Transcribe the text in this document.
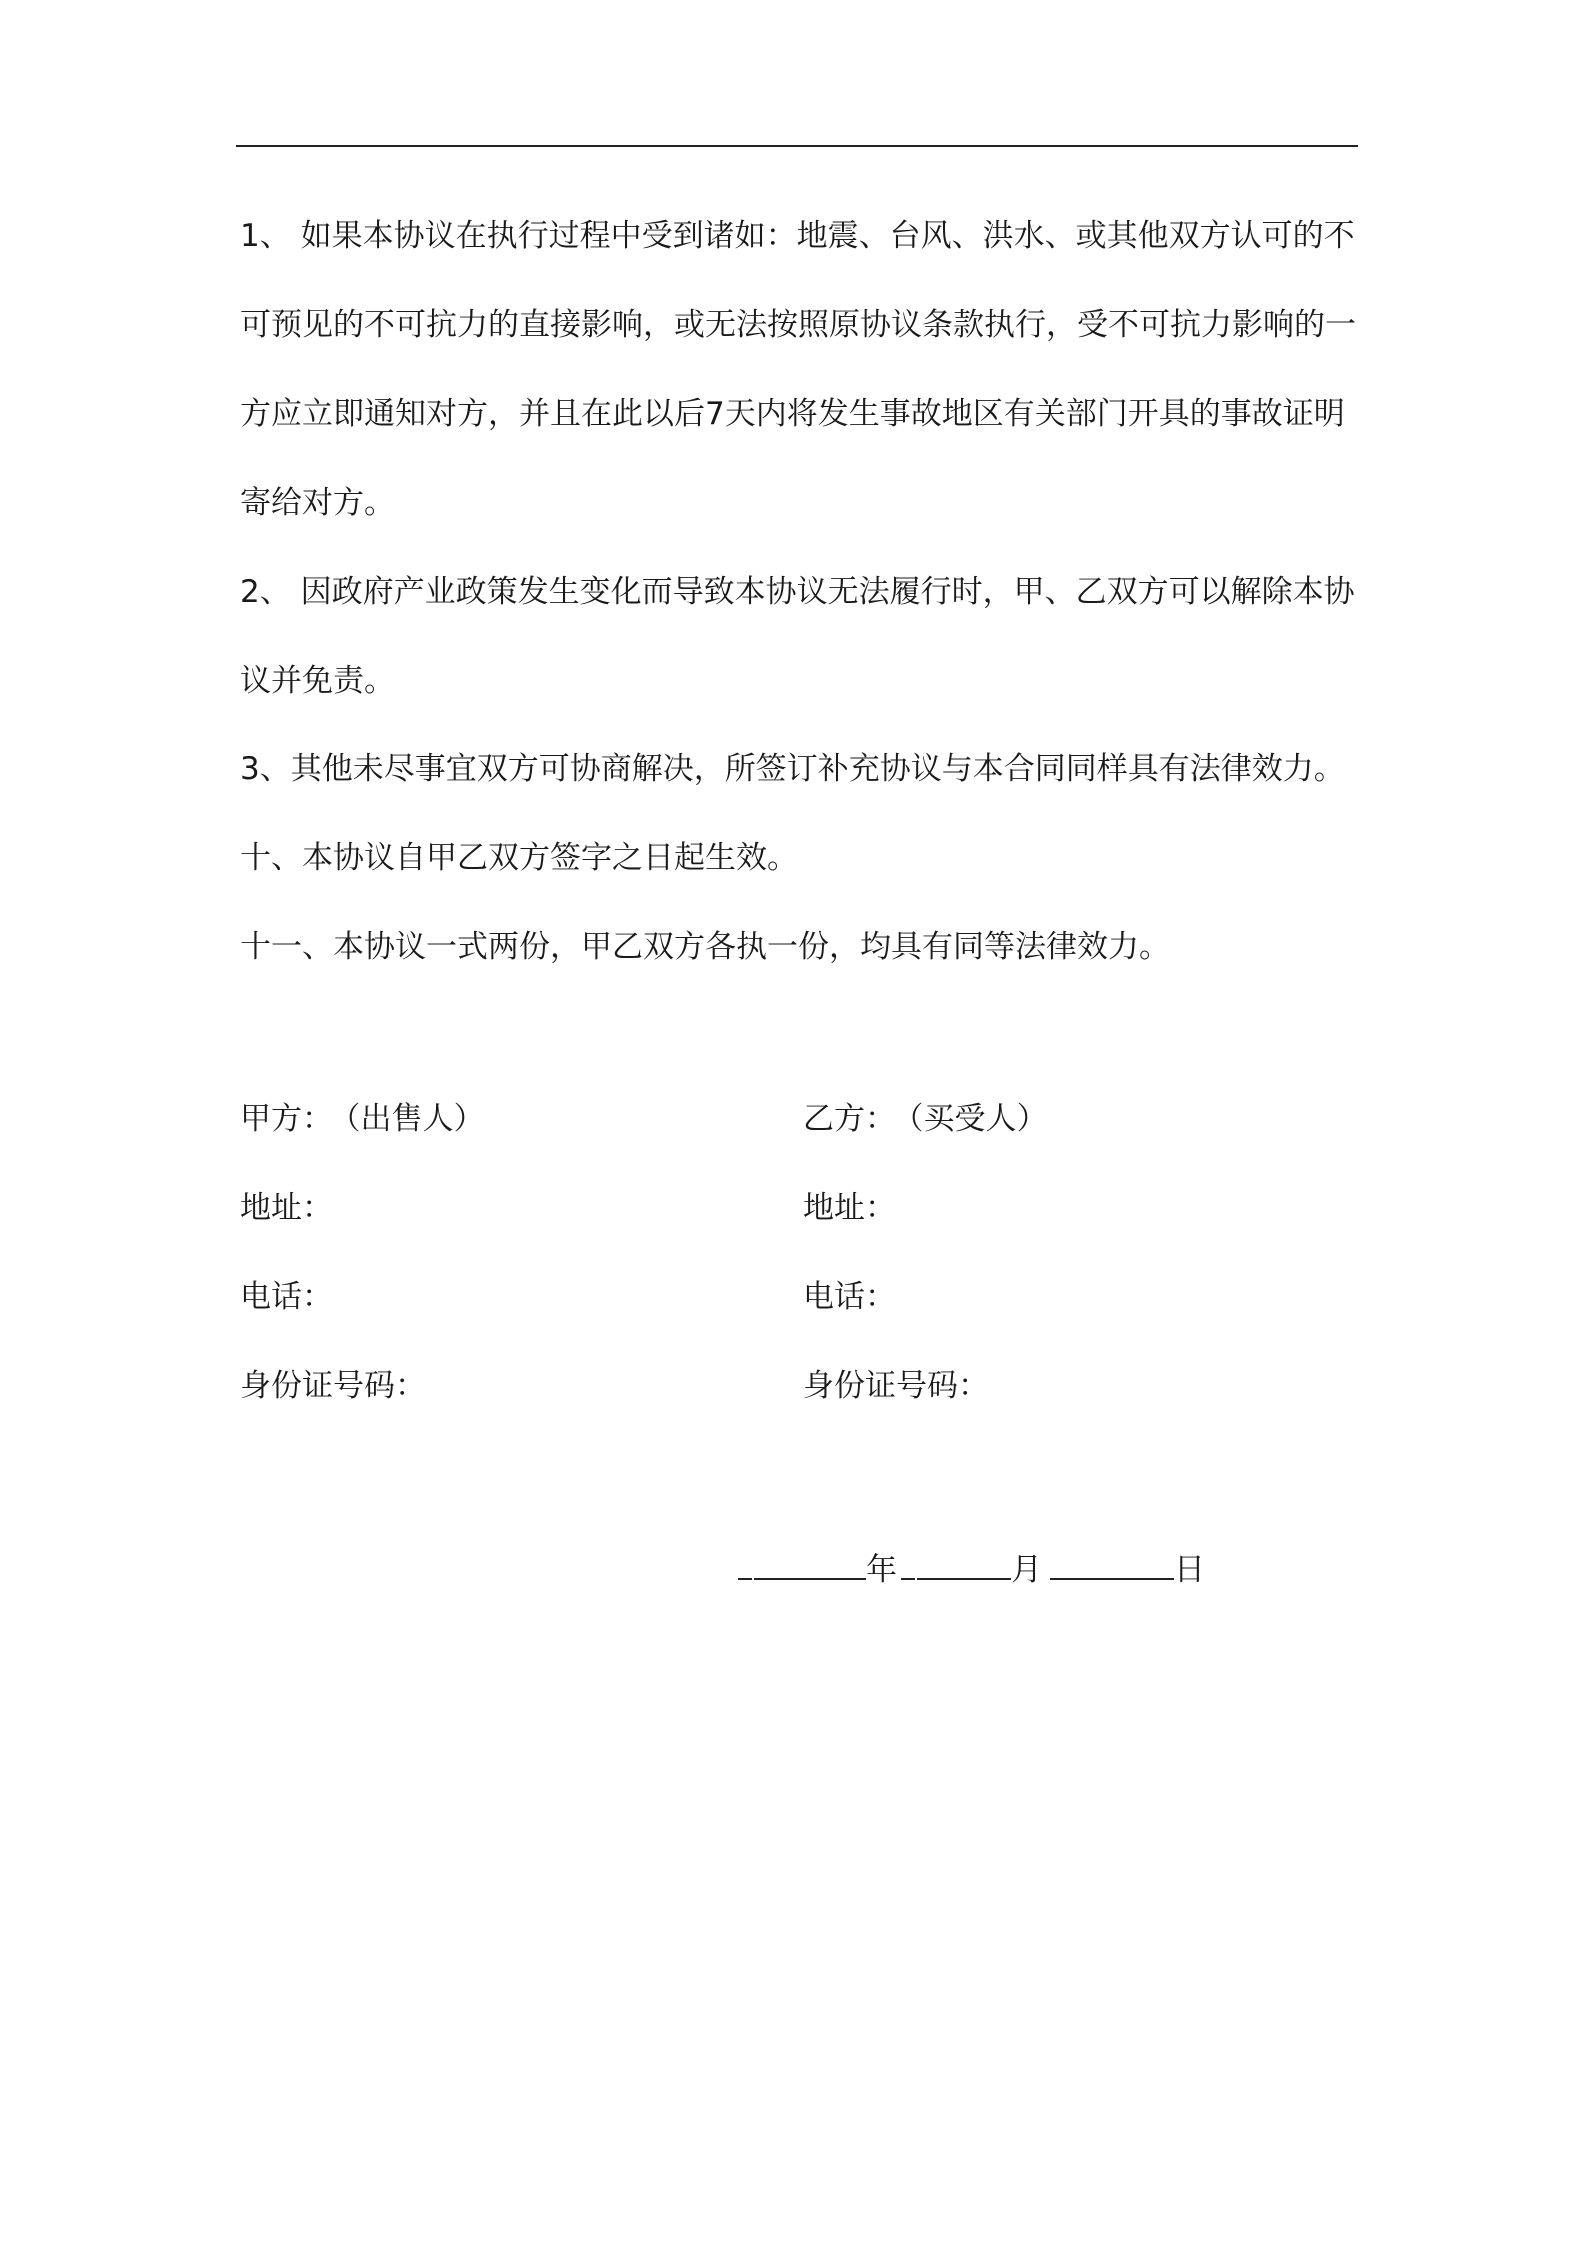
1、 如果本协议在执行过程中受到诸如：地震、台风、洪水、或其他双方认可的不可预见的不可抗力的直接影响，或无法按照原协议条款执行，受不可抗力影响的一方应立即通知对方，并且在此以后7天内将发生事故地区有关部门开具的事故证明寄给对方。

2、 因政府产业政策发生变化而导致本协议无法履行时，甲、乙双方可以解除本协议并免责。

3、其他未尽事宜双方可协商解决，所签订补充协议与本合同同样具有法律效力。

十、本协议自甲乙双方签字之日起生效。

十一、本协议一式两份，甲乙双方各执一份，均具有同等法律效力。

甲方： （出售人）
地址：
电话：
身份证号码：
乙方： （买受人）
地址：
电话：
身份证号码：
年	月	日
